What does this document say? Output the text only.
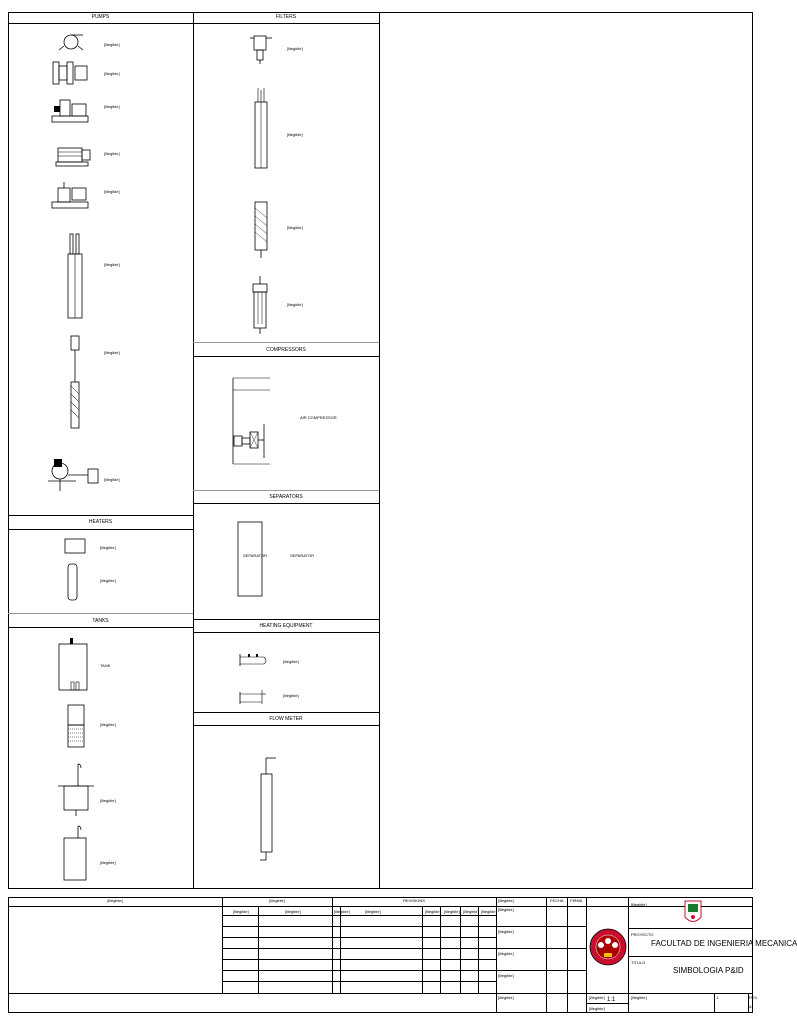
PUMPS
[illegible]
[illegible]
[illegible]
[illegible]
[illegible]
[illegible]
[illegible]
[illegible]
HEATERS
[illegible]
[illegible]
TANKS
TANK
[illegible]
[illegible]
[illegible]
FILTERS
[illegible]
[illegible]
[illegible]
[illegible]
COMPRESSORS
AIR COMPRESSOR
SEPARATORS
SEPARATOR	SEPARATOR
HEATING EQUIPMENT
[illegible]
[illegible]
FLOW METER
[illegible]	[illegible]	REVISIONS
[illegible]	[illegible]	[illegible]	[illegible]	[illegible] [illegible] [illegible] [illegible]
[illegible]	FECHA FIRMA
[illegible]
[illegible]
[illegible]
[illegible]
[illegible]
[illegible]
PROYECTO
FACULTAD DE INGENIERIA MECANICA
TITULO
SIMBOLOGIA P&ID
[illegible] 1:1
[illegible]
[illegible]	1	REV.
A
